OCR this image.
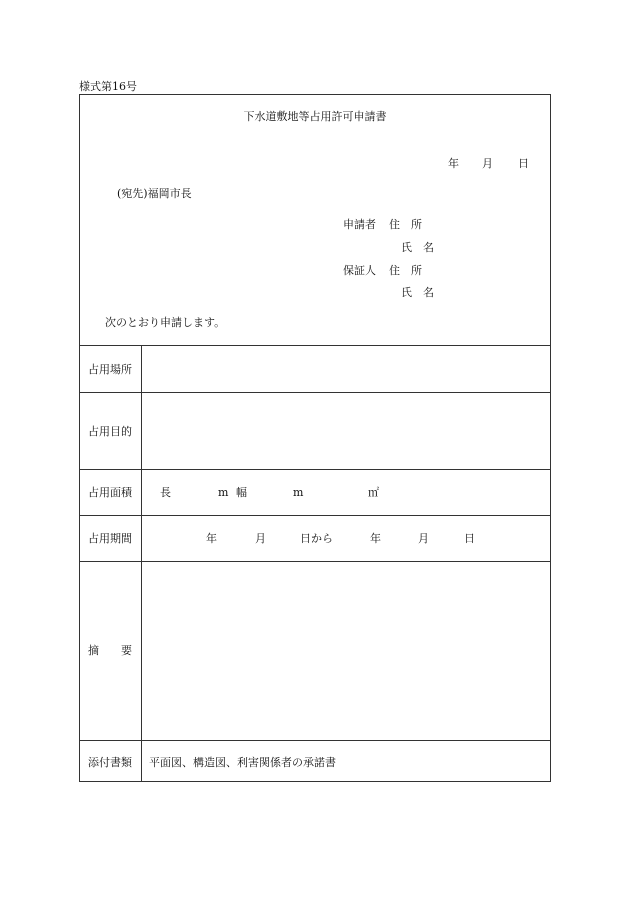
様式第16号
下水道敷地等占用許可申請書
年 月 日
(宛先)福岡市長
申請者 住　所
氏　名
保証人 住　所
氏　名
次のとおり申請します。
占用場所
占用目的
占用面積	長	m 幅	m	㎡
占用期間	年	月	日から	年	月	日
摘　　要
添付書類 平面図、構造図、利害関係者の承諾書
